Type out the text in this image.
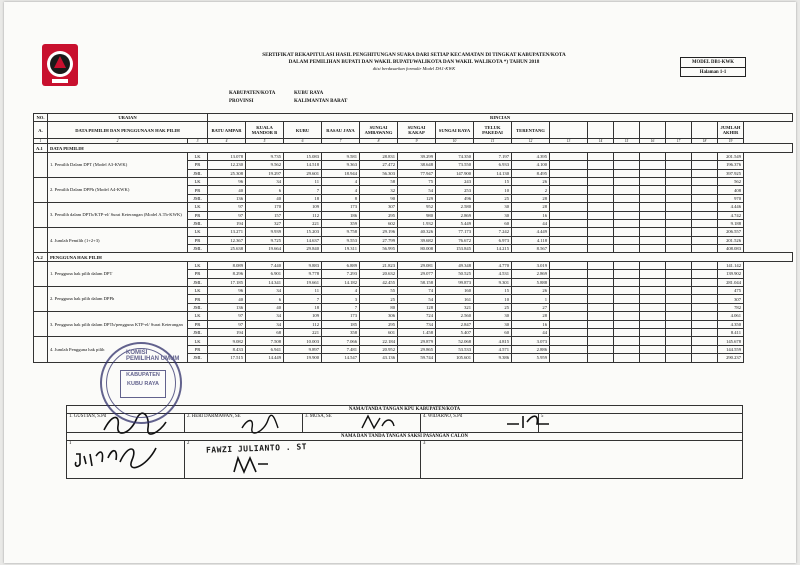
SERTIFIKAT REKAPITULASI HASIL PENGHITUNGAN SUARA DARI SETIAP KECAMATAN DI TINGKAT KABUPATEN/KOTA
DALAM PEMILIHAN BUPATI DAN WAKIL BUPATI/WALIKOTA DAN WAKIL WALIKOTA *) TAHUN 2018
diisi berdasarkan formulir Model DA1-KWK
MODEL DB1-KWK
Halaman 1-1
KABUPATEN/KOTA
PROVINSI
KUBU RAYA
KALIMANTAN BARAT
NO.	URAIAN		RINCIAN															
A.	DATA PEMILIH DAN PENGGUNAAN HAK PILIH		BATU AMPAR	KUALA MANDOR B	KUBU	RASAU JAYA	SUNGAI AMBAWANG	SUNGAI KAKAP	SUNGAI RAYA	TELUK PAKEDAI	TERENTANG							JUMLAH AKHIR
1	2	3	4	5	6	7	8	9	10	11	12	13	14	15	16	17	18	19
A.1	DATA PEMILIH																	
	1. Pemilih Dalam DPT (Model A3-KWK)	LK	13.078	9.735	15.083	9.581	28.831	39.299	74.350	7.197	4.395							201.549
		PR	12.230	9.562	14.518	9.363	27.472	38.648	73.550	6.933	4.100							196.376
		JML	25.308	19.297	29.601	18.944	56.303	77.947	147.900	14.130	8.495							397.925
	2. Pemilih Dalam DPPh (Model A4-KWK)	LK	96	34	11	4	58	75	243	15	26							562
		PR	40	6	7	4	32	54	253	10	2							408
		JML	136	40	18	8	90	129	496	25	28							970
	3. Pemilih dalam DPTb/KTP-el/ Surat Keterangan (Model A.Tb-KWK)	LK	97	170	109	173	307	952	2.580	30	28							4.446
		PR	97	157	112	186	295	980	2.869	30	16							4.742
		JML	194	327	221	359	602	1.932	5.449	60	44							9.188
	4. Jumlah Pemilih (1+2+3)	LK	13.271	9.939	15.203	9.758	29.196	40.326	77.173	7.242	4.449							206.557
		PR	12.367	9.725	14.637	9.553	27.799	39.682	76.672	6.973	4.118							201.526
		JML	25.638	19.664	29.840	19.311	56.995	80.008	153.845	14.215	8.567							408.083
A.2	PENGGUNA HAK PILIH																	
	1. Pengguna hak pilih dalam DPT	LK	8.089	7.440	9.883	6.889	21.823	29.081	49.348	4.770	3.019							141.142
		PR	8.296	6.901	9.778	7.293	20.632	29.077	50.525	4.531	2.869							139.902
		JML	17.185	14.341	19.661	14.182	42.455	58.158	99.873	9.301	5.888							281.044
	2. Pengguna hak pilih dalam DPPh	LK	96	34	11	4	55	74	160	15	26							475
		PR	40	6	7	3	25	54	161	10	1							307
		JML	136	40	18	7	80	128	321	25	27							782
	3. Pengguna hak pilih dalam DPTb/pengguna KTP-el/ Surat Keterangan	LK	97	34	109	173	306	724	2.560	30	28							4.061
		PR	97	34	112	185	295	734	2.847	30	16							4.350
		JML	194	68	221	358	601	1.458	5.407	60	44							8.411
	4. Jumlah Pengguna hak pilih	LK	9.082	7.508	10.003	7.066	22.184	29.879	52.068	4.815	3.073							145.678
		PR	8.433	6.941	9.897	7.481	20.952	29.865	53.533	4.571	2.886							144.559
		JML	17.515	14.449	19.900	14.547	43.136	59.744	105.601	9.386	5.959							290.237
NAMA/TANDA TANGAN KPU KABUPATEN/KOTA				
1. GUSTIAN, S.Pd	2. HERI DARMAWAN, SE	3. MUSA, SE	4. WIDARNO, S.Pd	5
NAMA DAN TANDA TANGAN SAKSI PASANGAN CALON				
1	2		3	
FAWZI JULIANTO . ST
KOMISI PEMILIHAN UMUM
KABUPATEN
KUBU RAYA
